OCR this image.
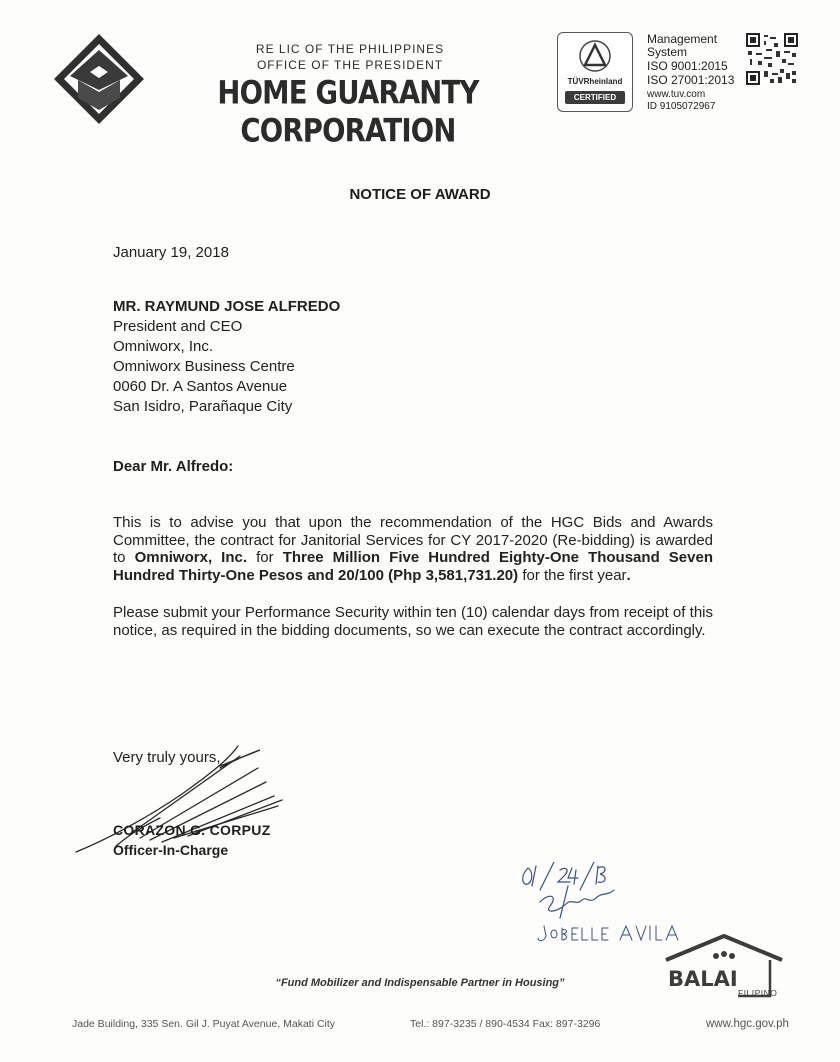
RE LIC OF THE PHILIPPINES
OFFICE OF THE PRESIDENT
HOME GUARANTY CORPORATION
TÜVRheinland
CERTIFIED
Management
System
ISO 9001:2015
ISO 27001:2013
www.tuv.com
ID 9105072967
NOTICE OF AWARD
January 19, 2018
MR. RAYMUND JOSE ALFREDO
President and CEO
Omniworx, Inc.
Omniworx Business Centre
0060 Dr. A Santos Avenue
San Isidro, Parañaque City
Dear Mr. Alfredo:
This is to advise you that upon the recommendation of the HGC Bids and Awards Committee, the contract for Janitorial Services for CY 2017-2020 (Re-bidding) is awarded to Omniworx, Inc. for Three Million Five Hundred Eighty-One Thousand Seven Hundred Thirty-One Pesos and 20/100 (Php 3,581,731.20) for the first year.
Please submit your Performance Security within ten (10) calendar days from receipt of this notice, as required in the bidding documents, so we can execute the contract accordingly.
Very truly yours,
CORAZON G. CORPUZ
Officer-In-Charge
“Fund Mobilizer and Indispensable Partner in Housing”	BALAI
FILIPINO
Jade Building, 335 Sen. Gil J. Puyat Avenue, Makati City	Tel.: 897-3235 / 890-4534 Fax: 897-3296	www.hgc.gov.ph
